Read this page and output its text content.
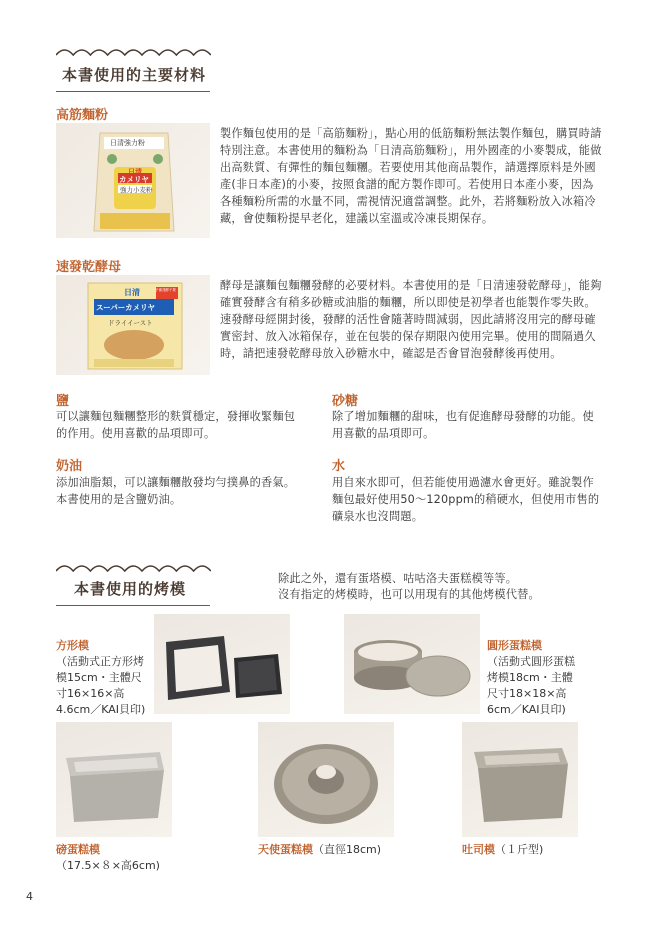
本書使用的主要材料
高筋麵粉
日清強力粉
日清
カメリヤ
強力小麦粉
製作麵包使用的是「高筋麵粉」，點心用的低筋麵粉無法製作麵包，購買時請特別注意。本書使用的麵粉為「日清高筋麵粉」，用外國產的小麥製成，能做出高麩質、有彈性的麵包麵糰。若要使用其他商品製作，請選擇原料是外國產(非日本產)的小麥，按照食譜的配方製作即可。若使用日本產小麥，因為各種麵粉所需的水量不同，需視情況適當調整。此外，若將麵粉放入冰箱冷藏，會使麵粉提早老化，建議以室溫或冷凍長期保存。
速發乾酵母
日清
スーパーカメリヤ
ドライイースト
予備発酵不要	酵母是讓麵包麵糰發酵的必要材料。本書使用的是「日清速發乾酵母」，能夠確實發酵含有稍多砂糖或油脂的麵糰，所以即使是初學者也能製作零失敗。速發酵母經開封後，發酵的活性會隨著時間減弱，因此請將沒用完的酵母確實密封、放入冰箱保存，並在包裝的保存期限內使用完畢。使用的間隔過久時，請把速發乾酵母放入砂糖水中，確認是否會冒泡發酵後再使用。
鹽
可以讓麵包麵糰整形的麩質穩定，發揮收緊麵包的作用。使用喜歡的品項即可。
砂糖
除了增加麵糰的甜味，也有促進酵母發酵的功能。使用喜歡的品項即可。
奶油
添加油脂類，可以讓麵糰散發均勻撲鼻的香氣。本書使用的是含鹽奶油。
水
用自來水即可，但若能使用過濾水會更好。雖說製作麵包最好使用50〜120ppm的稍硬水，但使用市售的礦泉水也沒問題。
本書使用的烤模
除此之外，還有蛋塔模、咕咕洛夫蛋糕模等等。
沒有指定的烤模時，也可以用現有的其他烤模代替。
方形模
（活動式正方形烤模15cm・主體尺寸16×16×高4.6cm／KAI貝印)
圓形蛋糕模
（活動式圓形蛋糕烤模18cm・主體尺寸18×18×高6cm／KAI貝印)
磅蛋糕模
（17.5×８×高6cm)
天使蛋糕模（直徑18cm)	吐司模（１斤型)
4
